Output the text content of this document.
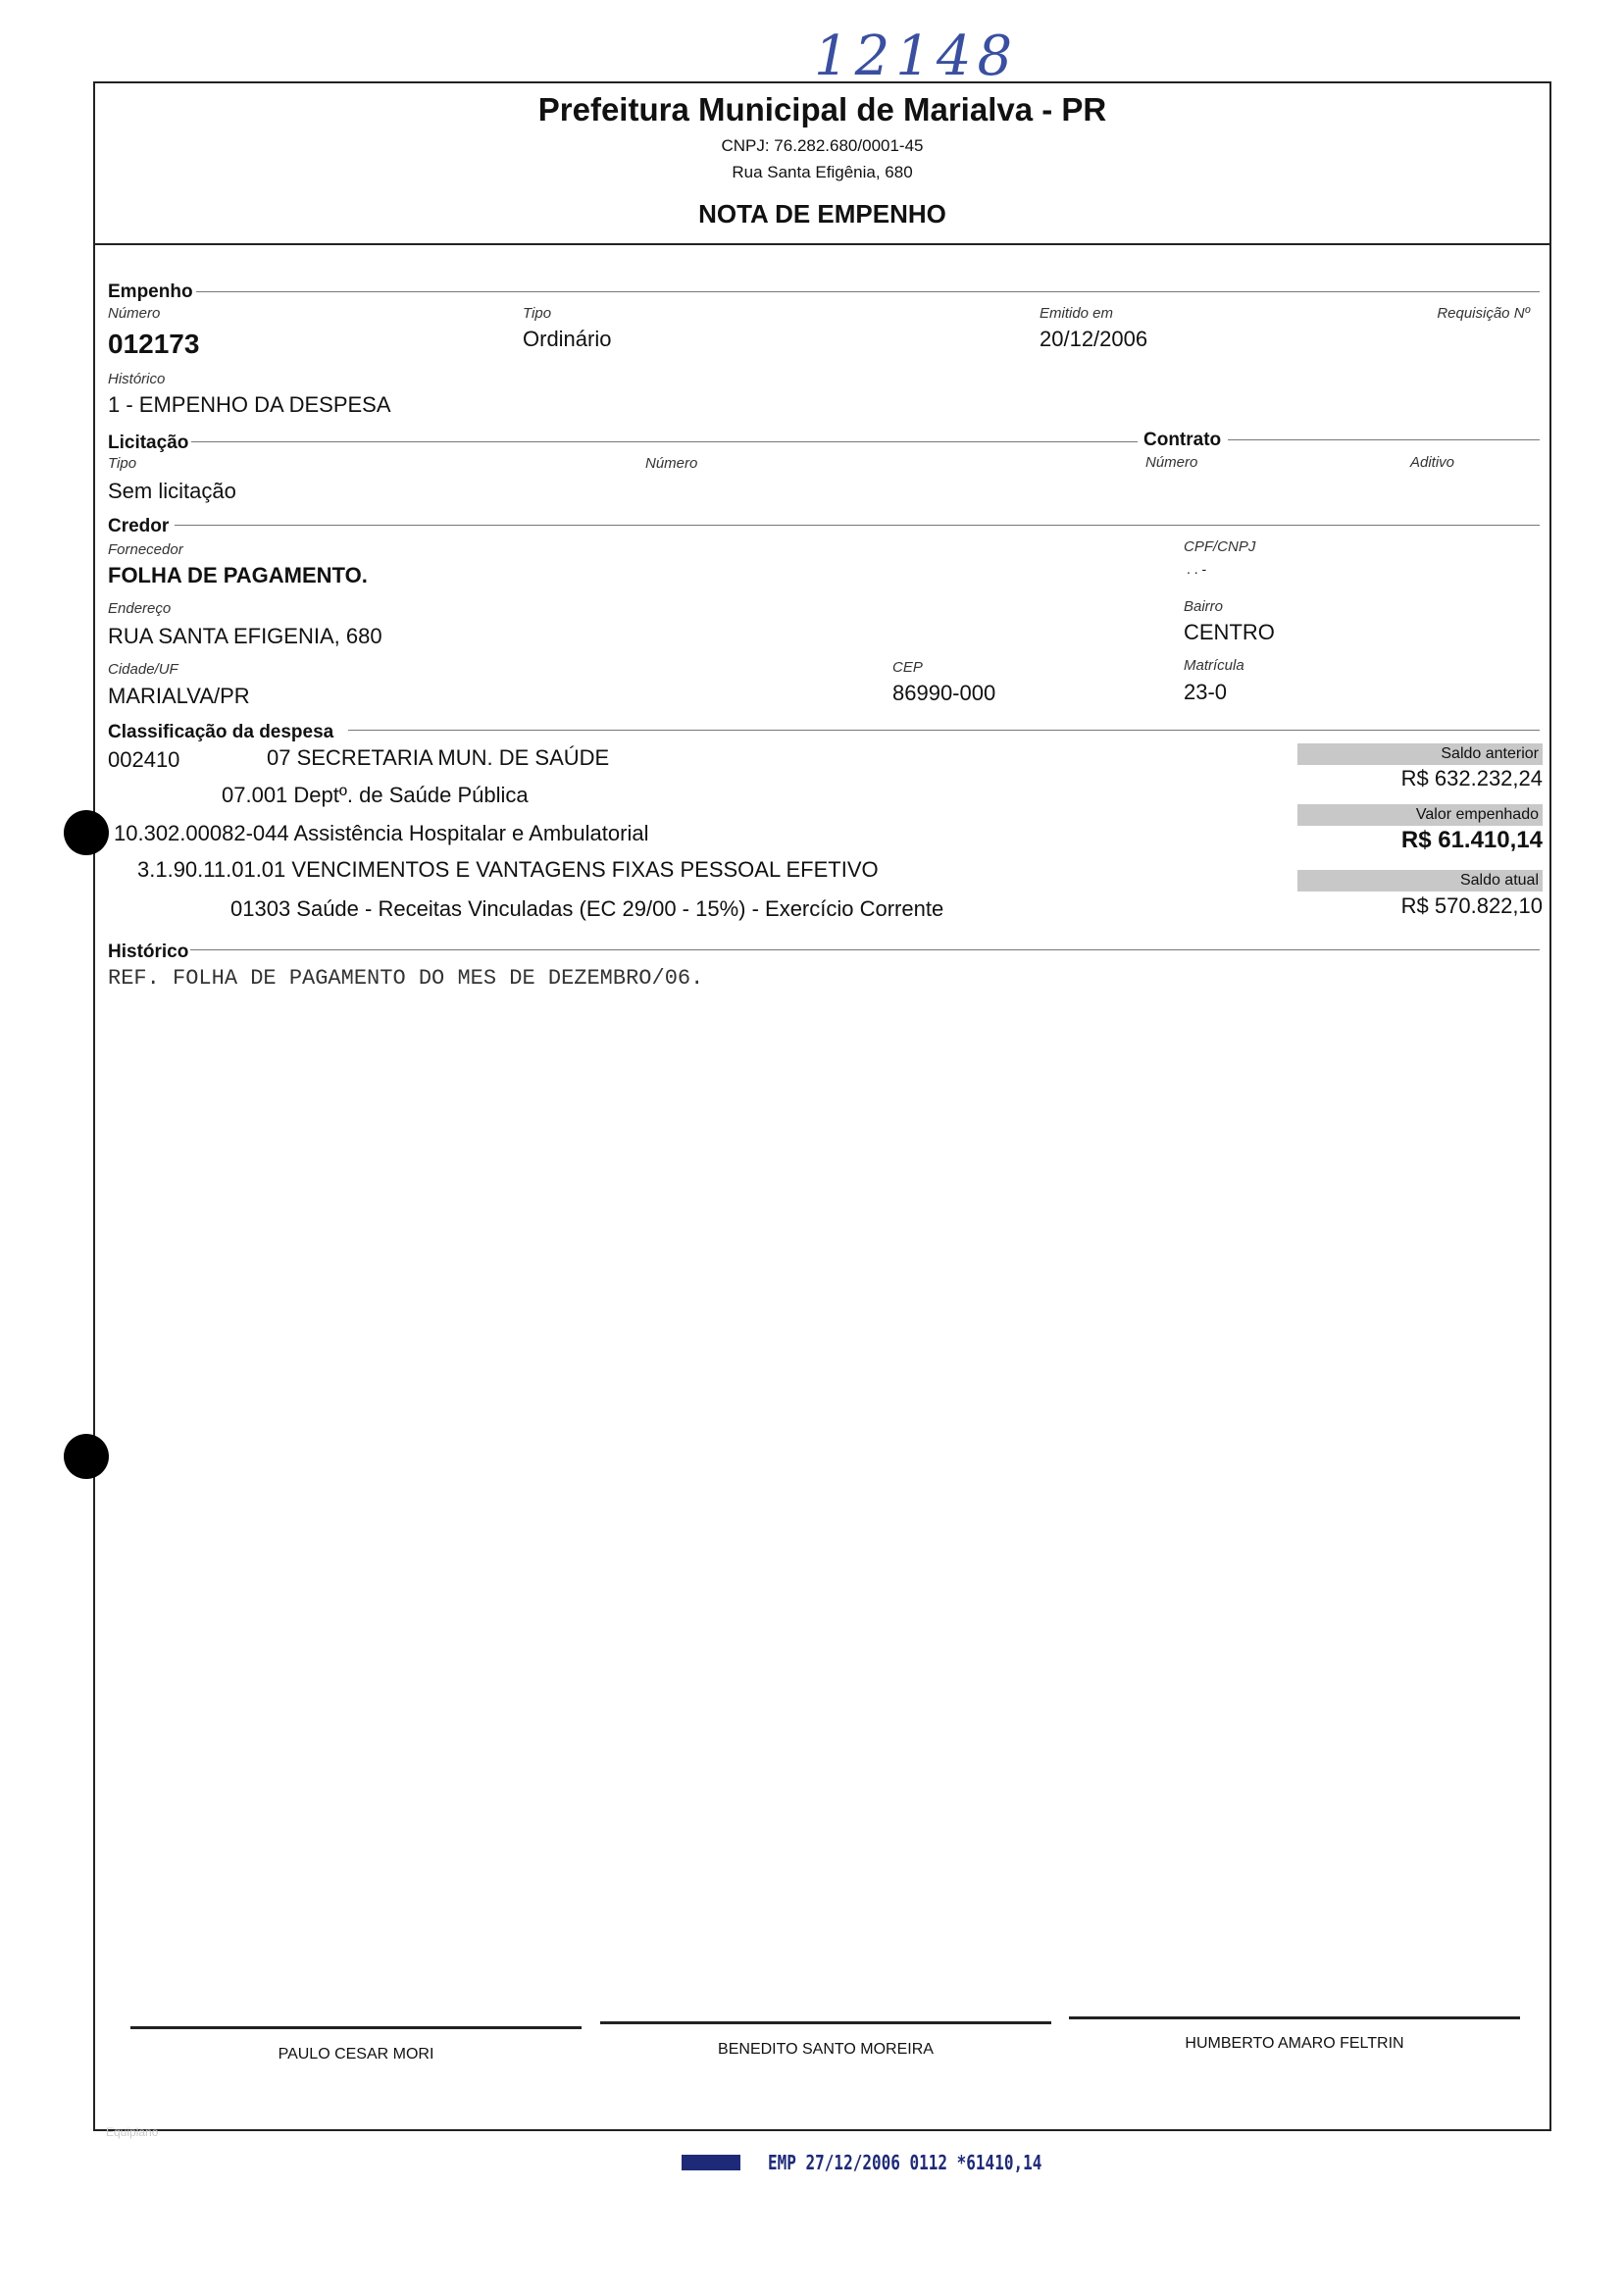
12148
Prefeitura Municipal de Marialva - PR
CNPJ: 76.282.680/0001-45
Rua Santa Efigênia, 680
NOTA DE EMPENHO
Empenho
Número
012173
Tipo
Ordinário
Emitido em
20/12/2006
Requisição Nº
Histórico
1 - EMPENHO DA DESPESA
Licitação	Contrato
Tipo
Sem licitação
Número	Número	Aditivo
Credor
Fornecedor
FOLHA DE PAGAMENTO.
CPF/CNPJ
. . -
Endereço
RUA SANTA EFIGENIA, 680
Bairro
CENTRO
Cidade/UF
MARIALVA/PR
CEP
86990-000
Matrícula
23-0
Classificação da despesa
002410	07 SECRETARIA MUN. DE SAÚDE
07.001 Deptº. de Saúde Pública
10.302.00082-044 Assistência Hospitalar e Ambulatorial
3.1.90.11.01.01 VENCIMENTOS E VANTAGENS FIXAS PESSOAL EFETIVO
01303 Saúde - Receitas Vinculadas (EC 29/00 - 15%) - Exercício Corrente
Saldo anterior
R$ 632.232,24
Valor empenhado
R$ 61.410,14
Saldo atual
R$ 570.822,10
Histórico
REF. FOLHA DE PAGAMENTO DO MES DE DEZEMBRO/06.
PAULO CESAR MORI	BENEDITO SANTO MOREIRA	HUMBERTO AMARO FELTRIN
Equiplano
EMP 27/12/2006 0112 *61410,14
